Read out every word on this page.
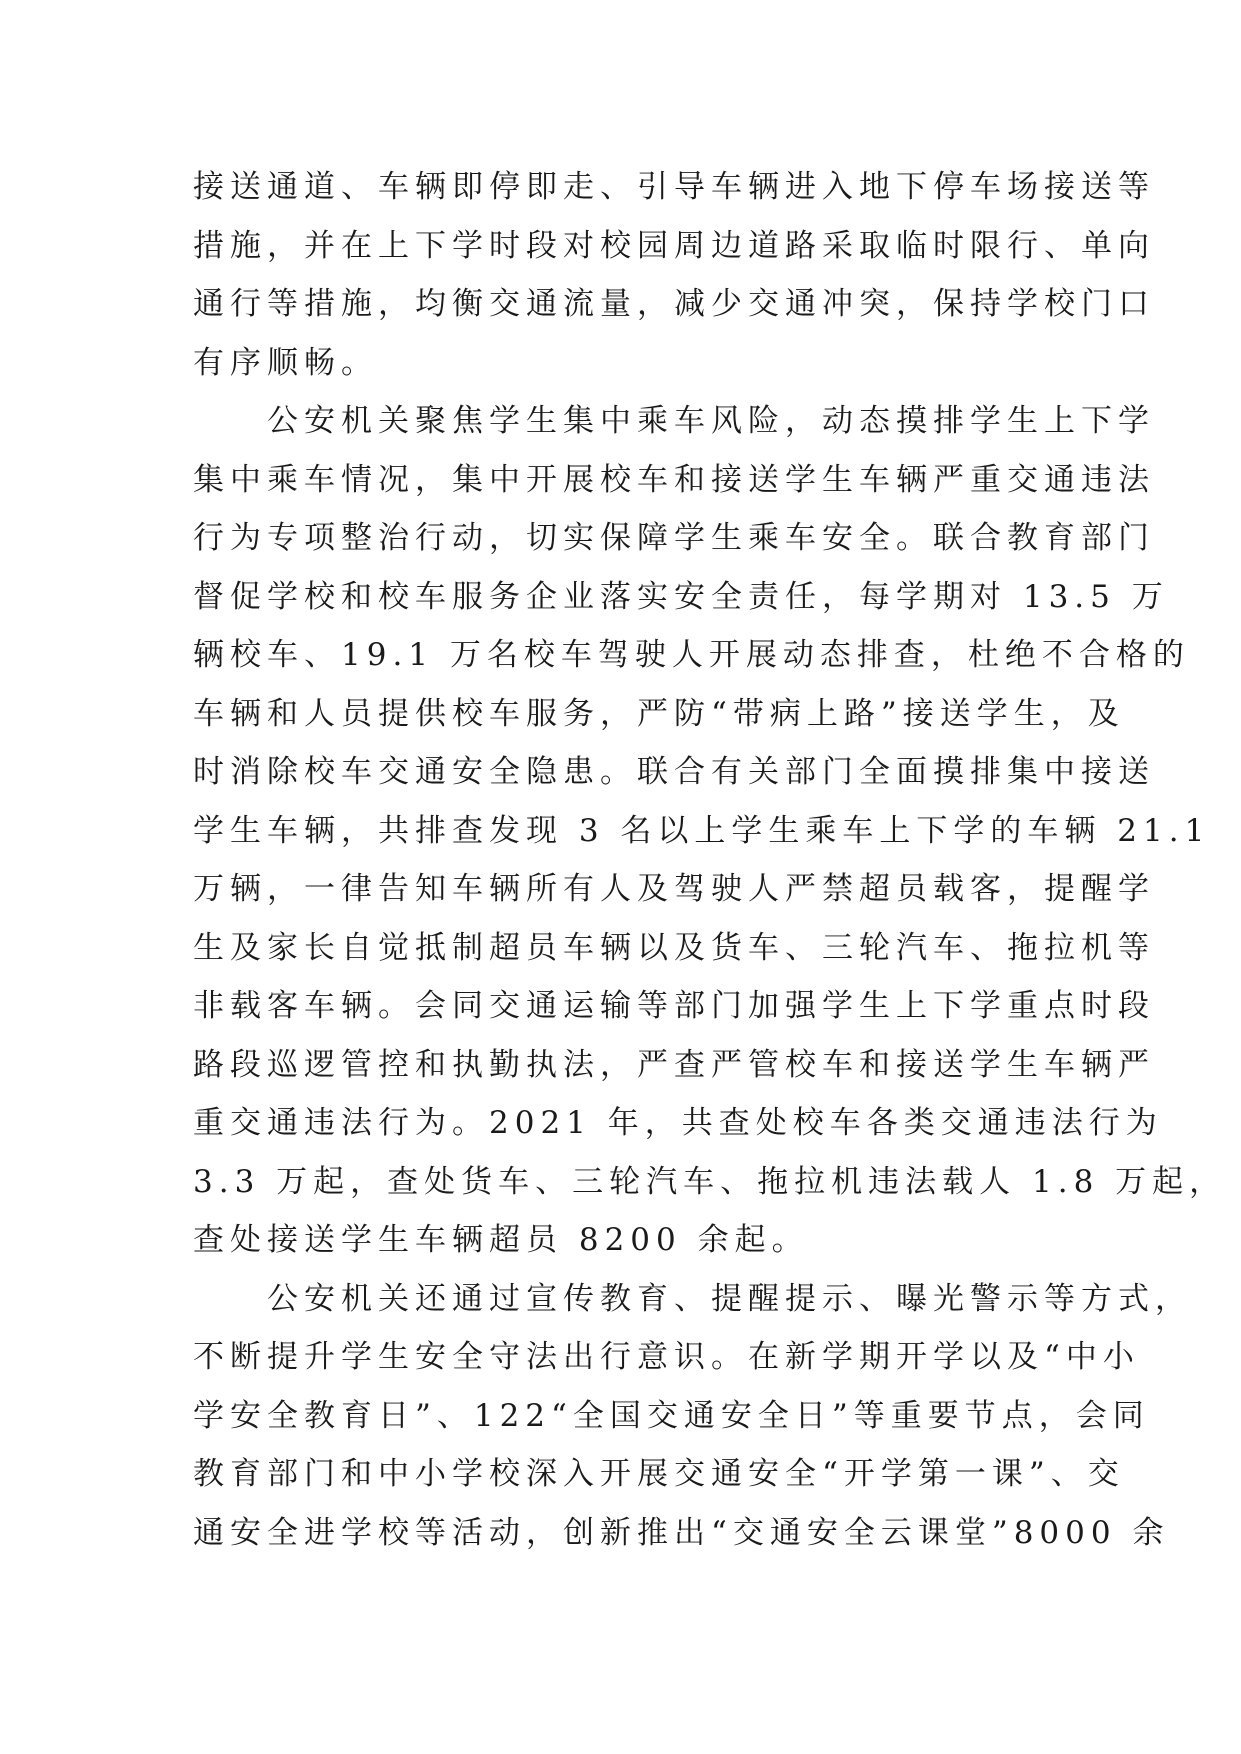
接送通道、车辆即停即走、引导车辆进入地下停车场接送等
措施，并在上下学时段对校园周边道路采取临时限行、单向
通行等措施，均衡交通流量，减少交通冲突，保持学校门口
有序顺畅。
　　公安机关聚焦学生集中乘车风险，动态摸排学生上下学
集中乘车情况，集中开展校车和接送学生车辆严重交通违法
行为专项整治行动，切实保障学生乘车安全。联合教育部门
督促学校和校车服务企业落实安全责任，每学期对 13.5 万
辆校车、19.1 万名校车驾驶人开展动态排查，杜绝不合格的
车辆和人员提供校车服务，严防“带病上路”接送学生，及
时消除校车交通安全隐患。联合有关部门全面摸排集中接送
学生车辆，共排查发现 3 名以上学生乘车上下学的车辆 21.1
万辆，一律告知车辆所有人及驾驶人严禁超员载客，提醒学
生及家长自觉抵制超员车辆以及货车、三轮汽车、拖拉机等
非载客车辆。会同交通运输等部门加强学生上下学重点时段
路段巡逻管控和执勤执法，严查严管校车和接送学生车辆严
重交通违法行为。2021 年，共查处校车各类交通违法行为
3.3 万起，查处货车、三轮汽车、拖拉机违法载人 1.8 万起，
查处接送学生车辆超员 8200 余起。
　　公安机关还通过宣传教育、提醒提示、曝光警示等方式，
不断提升学生安全守法出行意识。在新学期开学以及“中小
学安全教育日”、122“全国交通安全日”等重要节点，会同
教育部门和中小学校深入开展交通安全“开学第一课”、交
通安全进学校等活动，创新推出“交通安全云课堂”8000 余
